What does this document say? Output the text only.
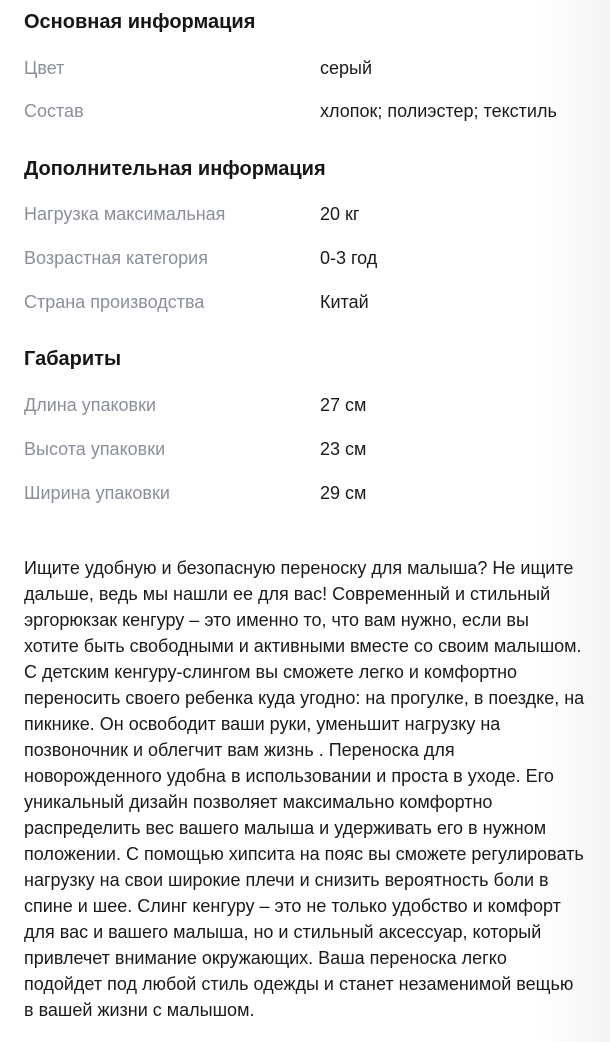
Основная информация
Цвет	серый
Состав	хлопок; полиэстер; текстиль
Дополнительная информация
Нагрузка максимальная	20 кг
Возрастная категория	0-3 год
Страна производства	Китай
Габариты
Длина упаковки	27 см
Высота упаковки	23 см
Ширина упаковки	29 см

Ищите удобную и безопасную переноску для малыша? Не ищите дальше, ведь мы нашли ее для вас! Современный и стильный эргорюкзак кенгуру – это именно то, что вам нужно, если вы хотите быть свободными и активными вместе со своим малышом. С детским кенгуру-слингом вы сможете легко и комфортно переносить своего ребенка куда угодно: на прогулке, в поездке, на пикнике. Он освободит ваши руки, уменьшит нагрузку на позвоночник и облегчит вам жизнь . Переноска для новорожденного удобна в использовании и проста в уходе. Его уникальный дизайн позволяет максимально комфортно распределить вес вашего малыша и удерживать его в нужном положении. С помощью хипсита на пояс вы сможете регулировать нагрузку на свои широкие плечи и снизить вероятность боли в спине и шее. Слинг кенгуру – это не только удобство и комфорт для вас и вашего малыша, но и стильный аксессуар, который привлечет внимание окружающих. Ваша переноска легко подойдет под любой стиль одежды и станет незаменимой вещью в вашей жизни с малышом.
